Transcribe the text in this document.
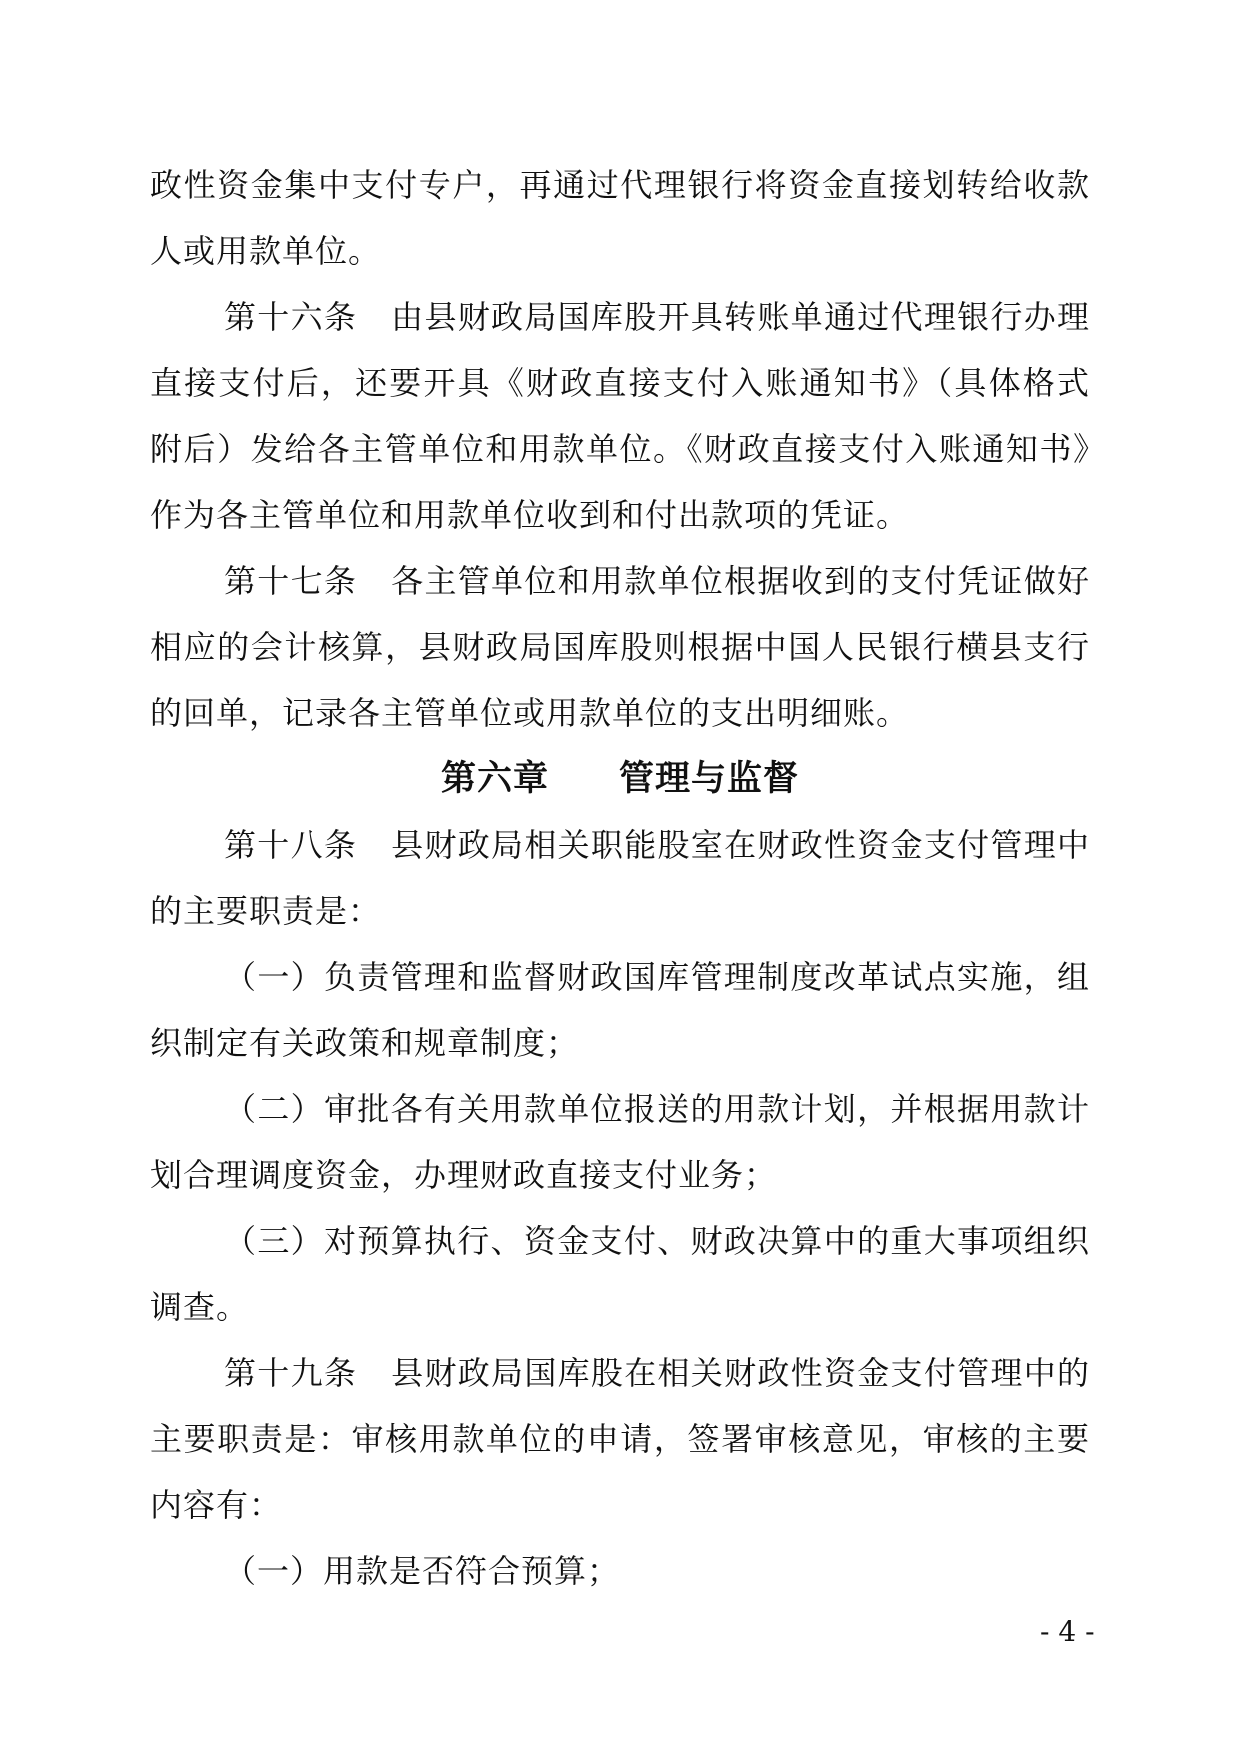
政性资金集中支付专户，再通过代理银行将资金直接划转给收款人或用款单位。

第十六条 由县财政局国库股开具转账单通过代理银行办理直接支付后，还要开具《财政直接支付入账通知书》（具体格式附后）发给各主管单位和用款单位。《财政直接支付入账通知书》作为各主管单位和用款单位收到和付出款项的凭证。

第十七条 各主管单位和用款单位根据收到的支付凭证做好相应的会计核算，县财政局国库股则根据中国人民银行横县支行的回单，记录各主管单位或用款单位的支出明细账。

第六章 管理与监督

第十八条 县财政局相关职能股室在财政性资金支付管理中的主要职责是：

（一）负责管理和监督财政国库管理制度改革试点实施，组织制定有关政策和规章制度；

（二）审批各有关用款单位报送的用款计划，并根据用款计划合理调度资金，办理财政直接支付业务；

（三）对预算执行、资金支付、财政决算中的重大事项组织调查。

第十九条 县财政局国库股在相关财政性资金支付管理中的主要职责是：审核用款单位的申请，签署审核意见，审核的主要内容有：

（一）用款是否符合预算；

- 4 -
